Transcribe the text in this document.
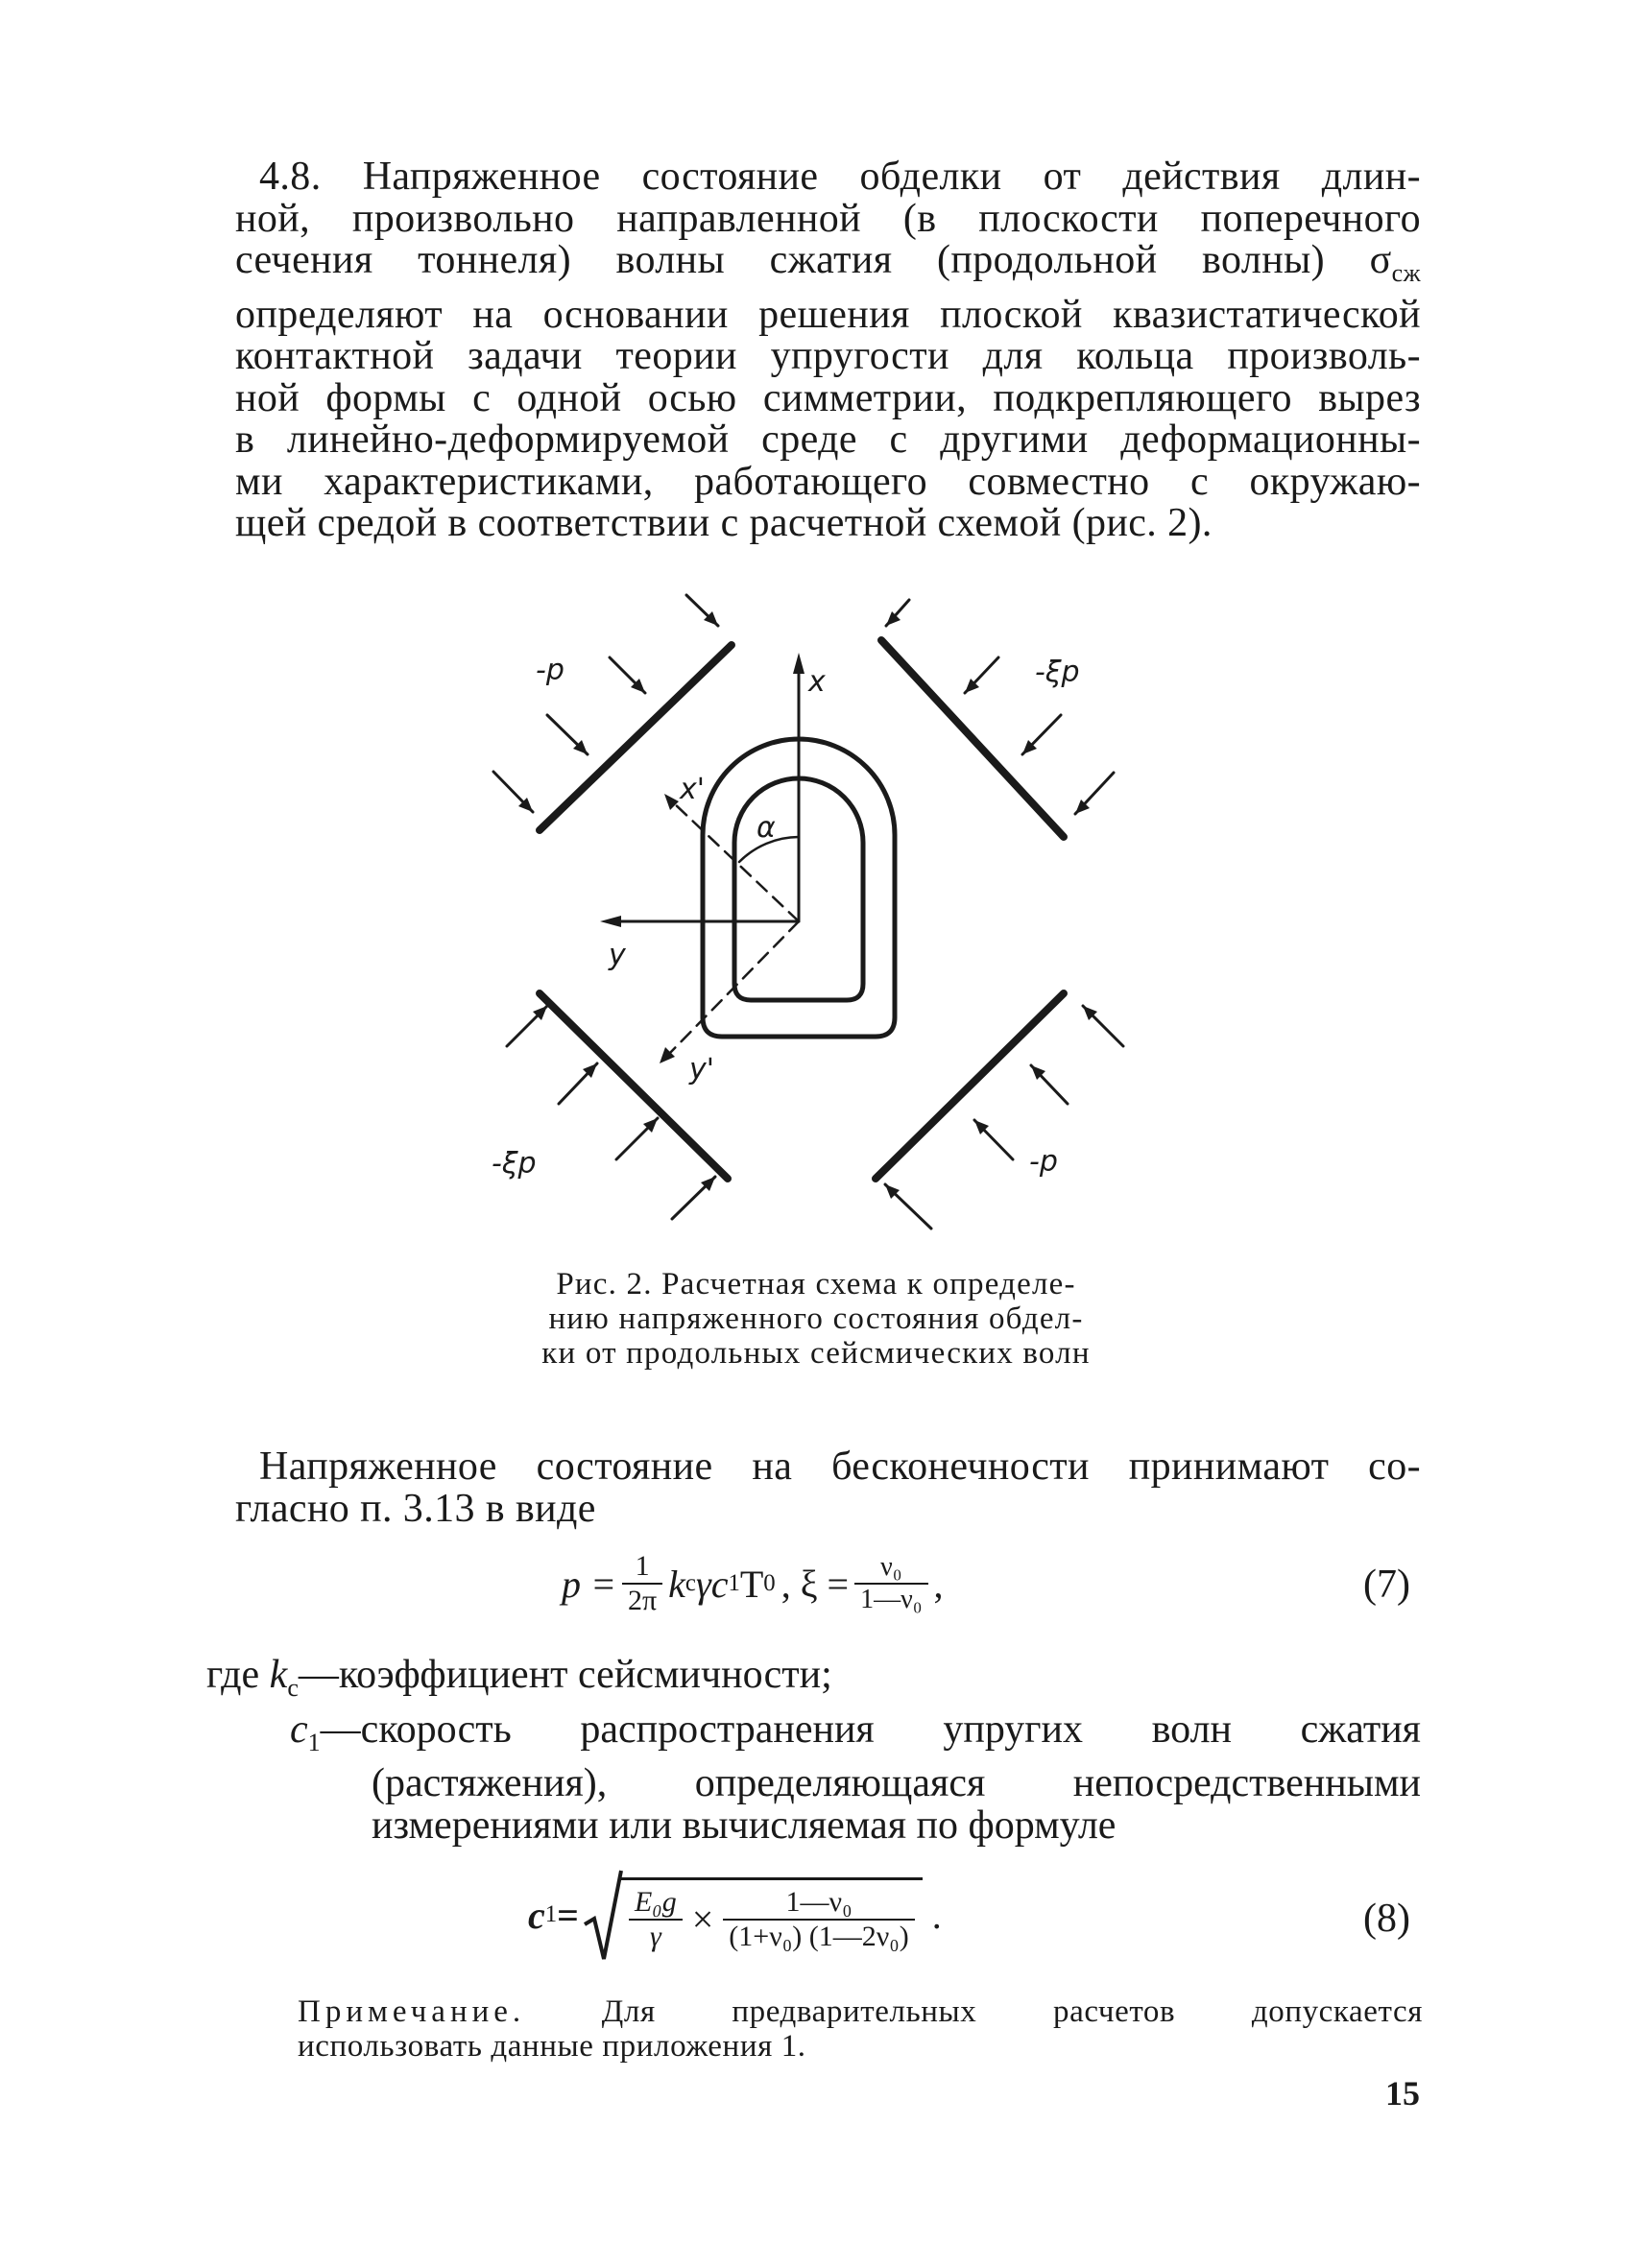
4.8. Напряженное состояние обделки от действия длин-
ной, произвольно направленной (в плоскости поперечного
сечения тоннеля) волны сжатия (продольной волны) $\sigma_{сж}$
определяют на основании решения плоской квазистатической
контактной задачи теории упругости для кольца произволь-
ной формы с одной осью симметрии, подкрепляющего вырез
в линейно-деформируемой среде с другими деформационны-
ми характеристиками, работающего совместно с окружаю-
щей средой в соответствии с расчетной схемой (рис. 2).
-p	-ξp
-ξp	-p
x
y
x'
y'
α
Рис. 2. Расчетная схема к определе-
нию напряженного состояния обдел-
ки от продольных сейсмических волн
Напряженное состояние на бесконечности принимают со-
гласно п. 3.13 в виде
$p = \frac{1}{2\pi}$ k c γc 1 T 0 , $\xi = \frac{\text{ν₀}}{\text{1—ν₀}}$ ,	(7)
где $k_c—коэффициент$ сейсмичности;
$c_1—скорость$ распространения упругих волн сжатия
(растяжения), определяющаяся непосредственными
измерениями или вычисляемая по формуле
c $1 = \frac{\text{E₀g}}{\gamma} \times \frac{\text{1—ν₀}}{\text{(1+ν₀) (1—2ν₀)}}$ .	(8)
Примечание. Для предварительных расчетов допускается
использовать данные приложения 1.
15
